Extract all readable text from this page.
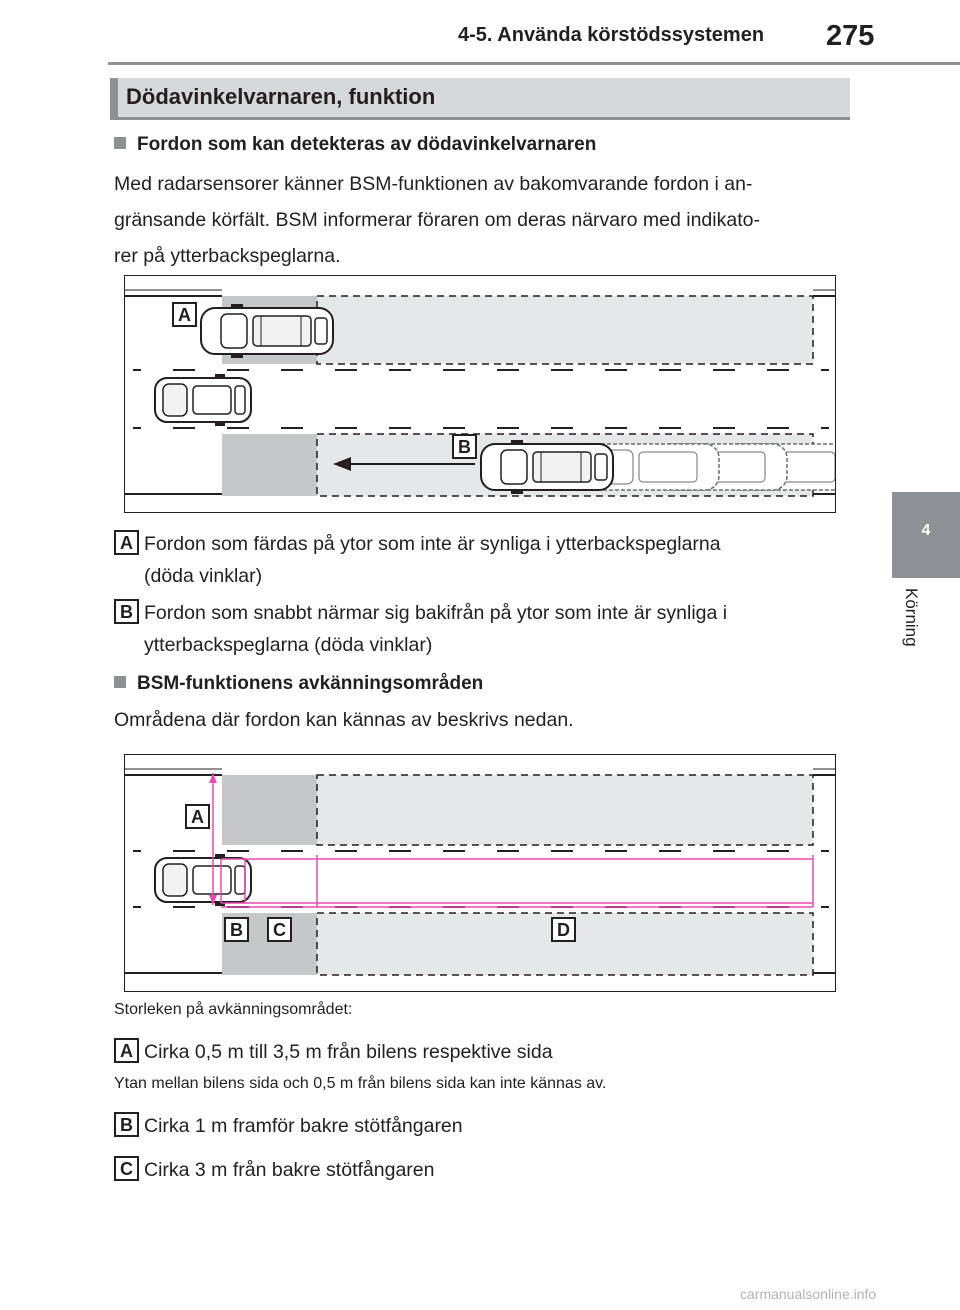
4-5. Använda körstödssystemen 275
4
Körning
Dödavinkelvarnaren, funktion
Fordon som kan detekteras av dödavinkelvarnaren
Med radarsensorer känner BSM-funktionen av bakomvarande fordon i an-
gränsande körfält. BSM informerar föraren om deras närvaro med indikato-
rer på ytterbackspeglarna.
A
B
A Fordon som färdas på ytor som inte är synliga i ytterbackspeglarna
(döda vinklar)
B Fordon som snabbt närmar sig bakifrån på ytor som inte är synliga i
ytterbackspeglarna (döda vinklar)
BSM-funktionens avkänningsområden
Områdena där fordon kan kännas av beskrivs nedan.
A
B	C	D
Storleken på avkänningsområdet:
A Cirka 0,5 m till 3,5 m från bilens respektive sida
Ytan mellan bilens sida och 0,5 m från bilens sida kan inte kännas av.
B Cirka 1 m framför bakre stötfångaren
C Cirka 3 m från bakre stötfångaren
carmanualsonline.info
